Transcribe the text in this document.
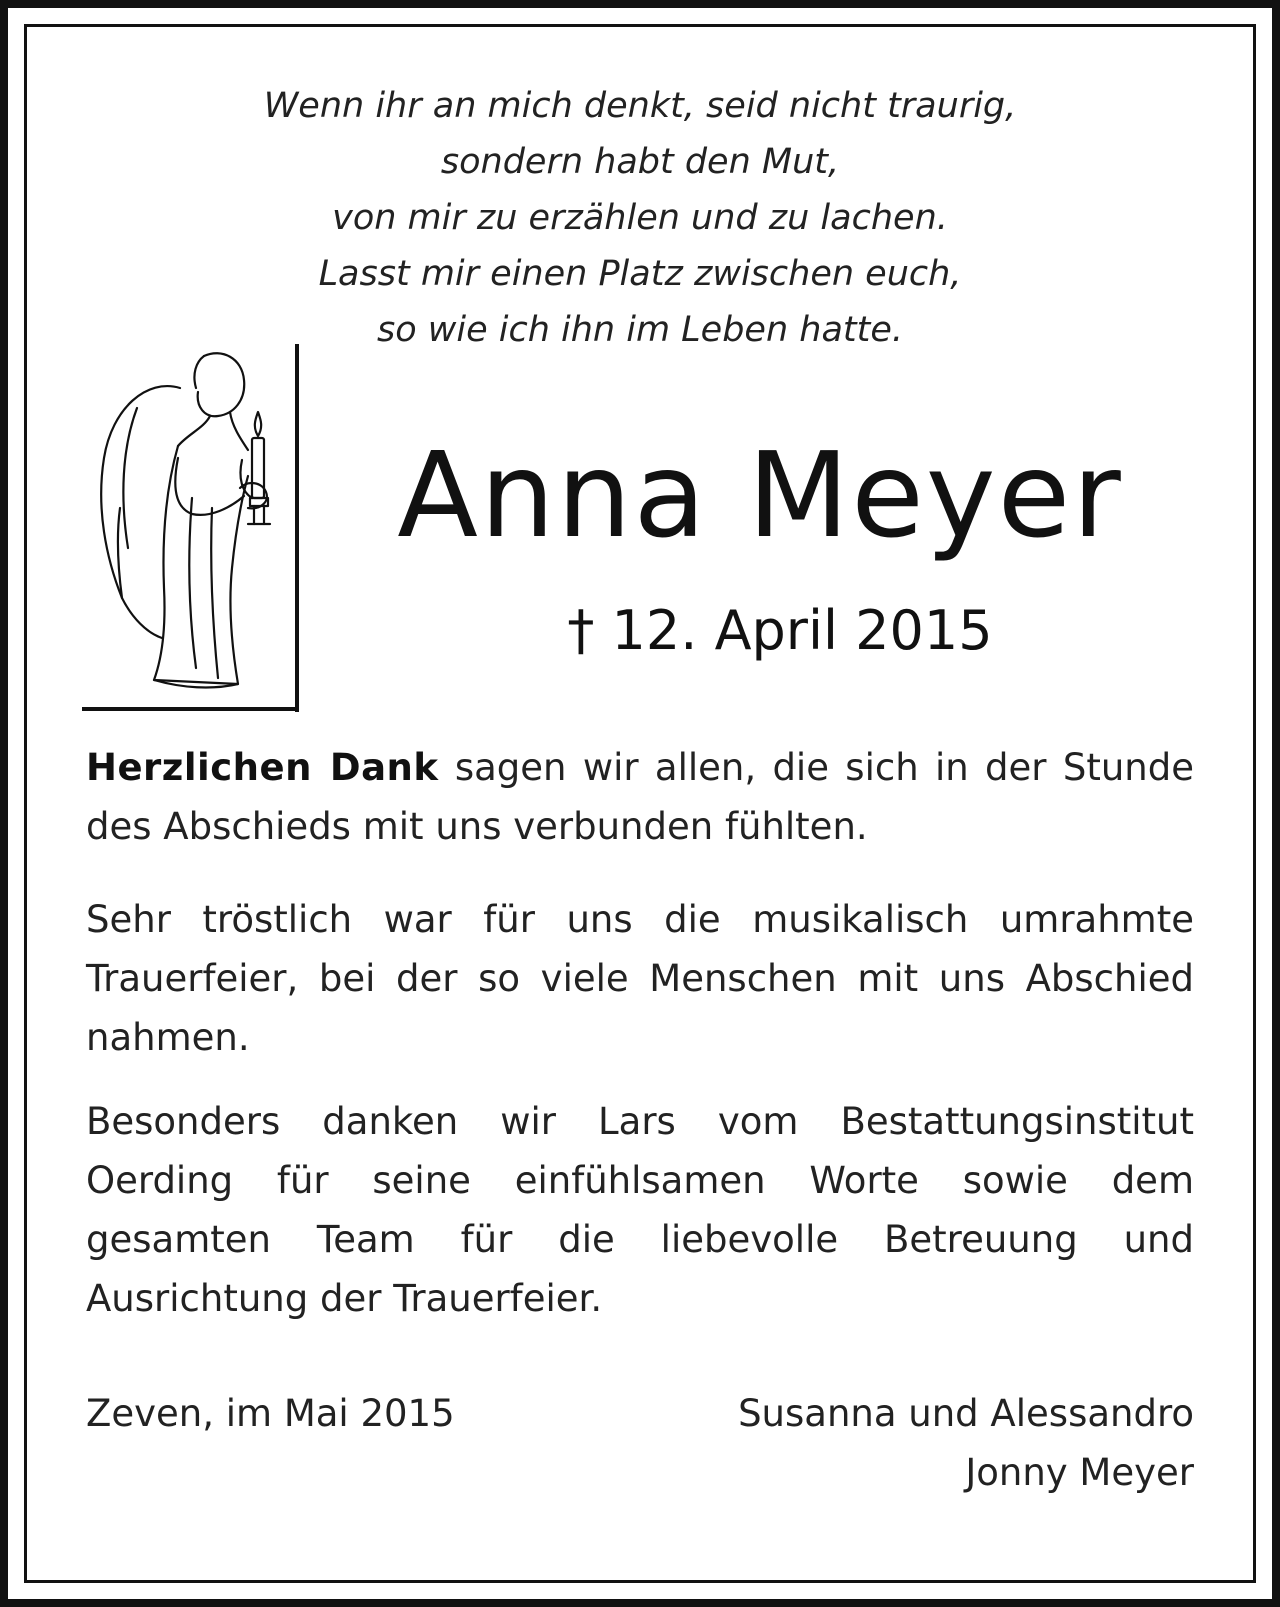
Wenn ihr an mich denkt, seid nicht traurig,
sondern habt den Mut,
von mir zu erzählen und zu lachen.
Lasst mir einen Platz zwischen euch,
so wie ich ihn im Leben hatte.
Anna Meyer
† 12. April 2015
Herzlichen Dank sagen wir allen, die sich in der Stunde des Abschieds mit uns verbunden fühlten.
Sehr tröstlich war für uns die musikalisch umrahmte Trauerfeier, bei der so viele Menschen mit uns Abschied nahmen.
Besonders danken wir Lars vom Bestattungsinstitut Oerding für seine einfühlsamen Worte sowie dem gesamten Team für die liebevolle Betreuung und Ausrichtung der Trauerfeier.
Zeven, im Mai 2015	Susanna und Alessandro
Jonny Meyer
